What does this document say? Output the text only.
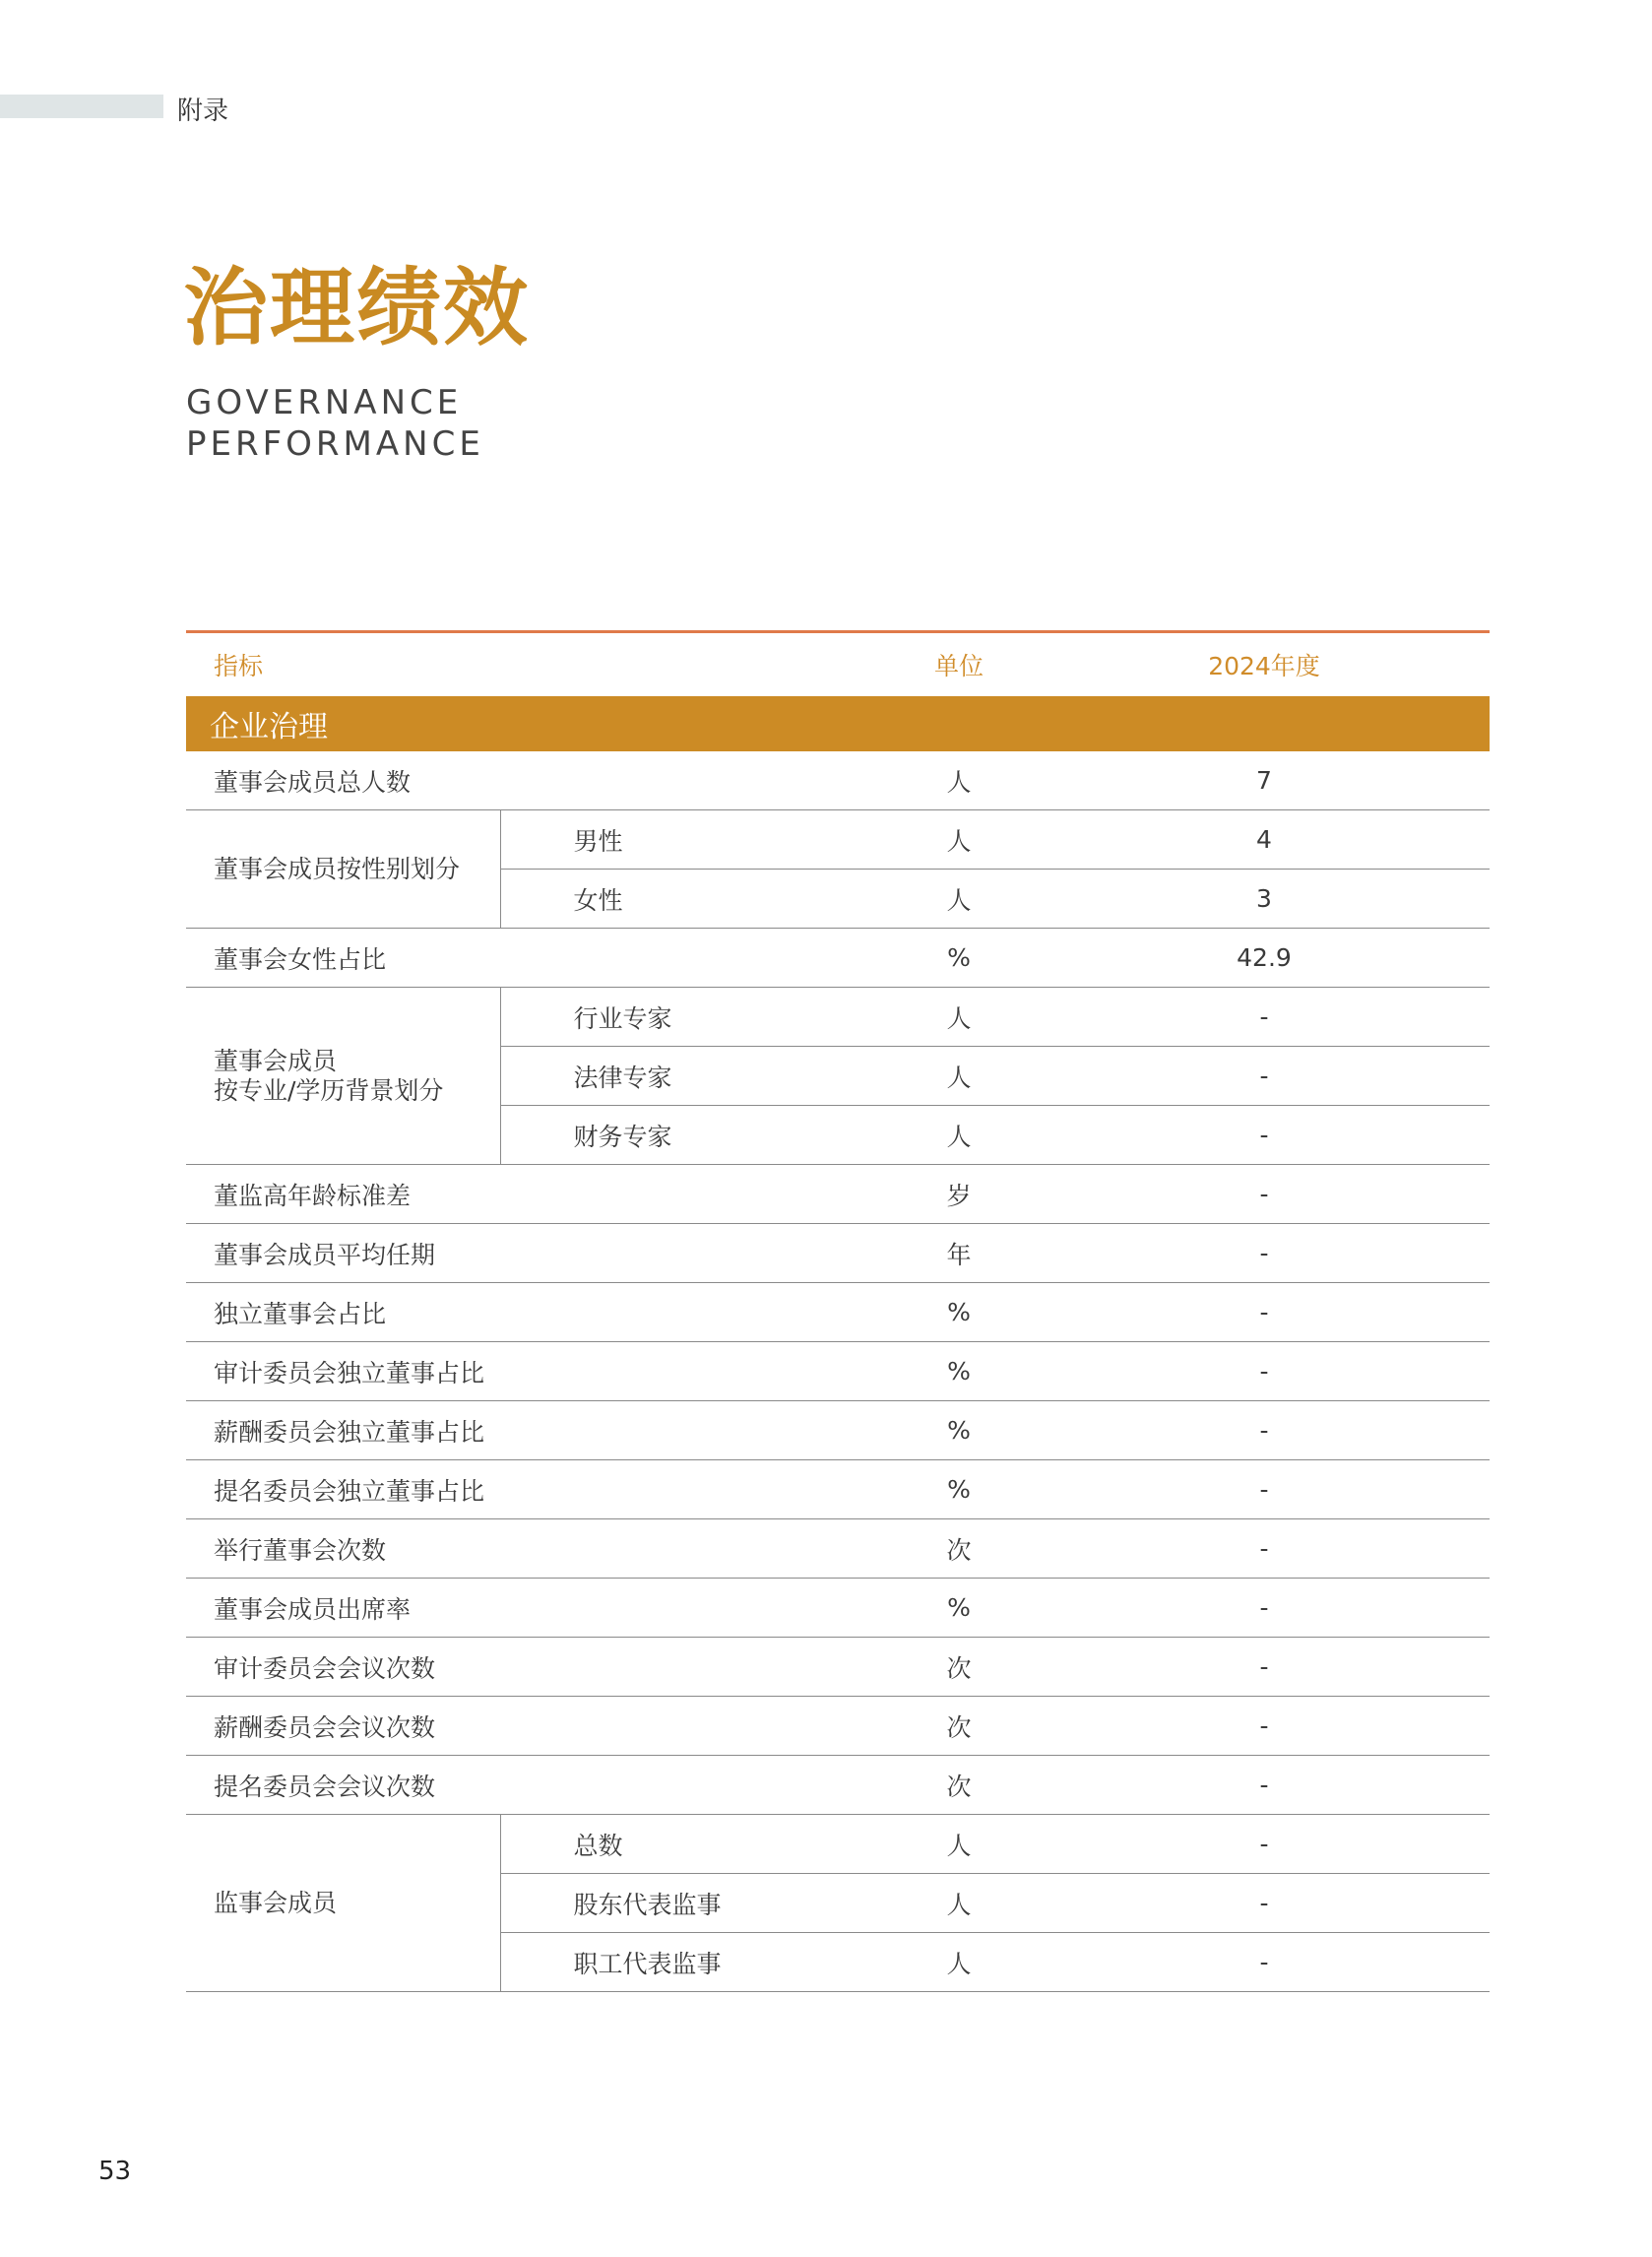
附录
治理绩效
GOVERNANCE
PERFORMANCE

指标		单位	2024年度
企业治理			
董事会成员总人数		人	7
董事会成员按性别划分	男性	人	4
	女性	人	3
董事会女性占比		%	42.9

董事会成员
按专业/学历背景划分	行业专家	人	-
	法律专家	人	-
	财务专家	人	-
董监高年龄标准差		岁	-
董事会成员平均任期		年	-
独立董事会占比		%	-
审计委员会独立董事占比		%	-
薪酬委员会独立董事占比		%	-
提名委员会独立董事占比		%	-
举行董事会次数		次	-
董事会成员出席率		%	-
审计委员会会议次数		次	-
薪酬委员会会议次数		次	-
提名委员会会议次数		次	-
监事会成员	总数	人	-
	股东代表监事	人	-
	职工代表监事	人	-
53
